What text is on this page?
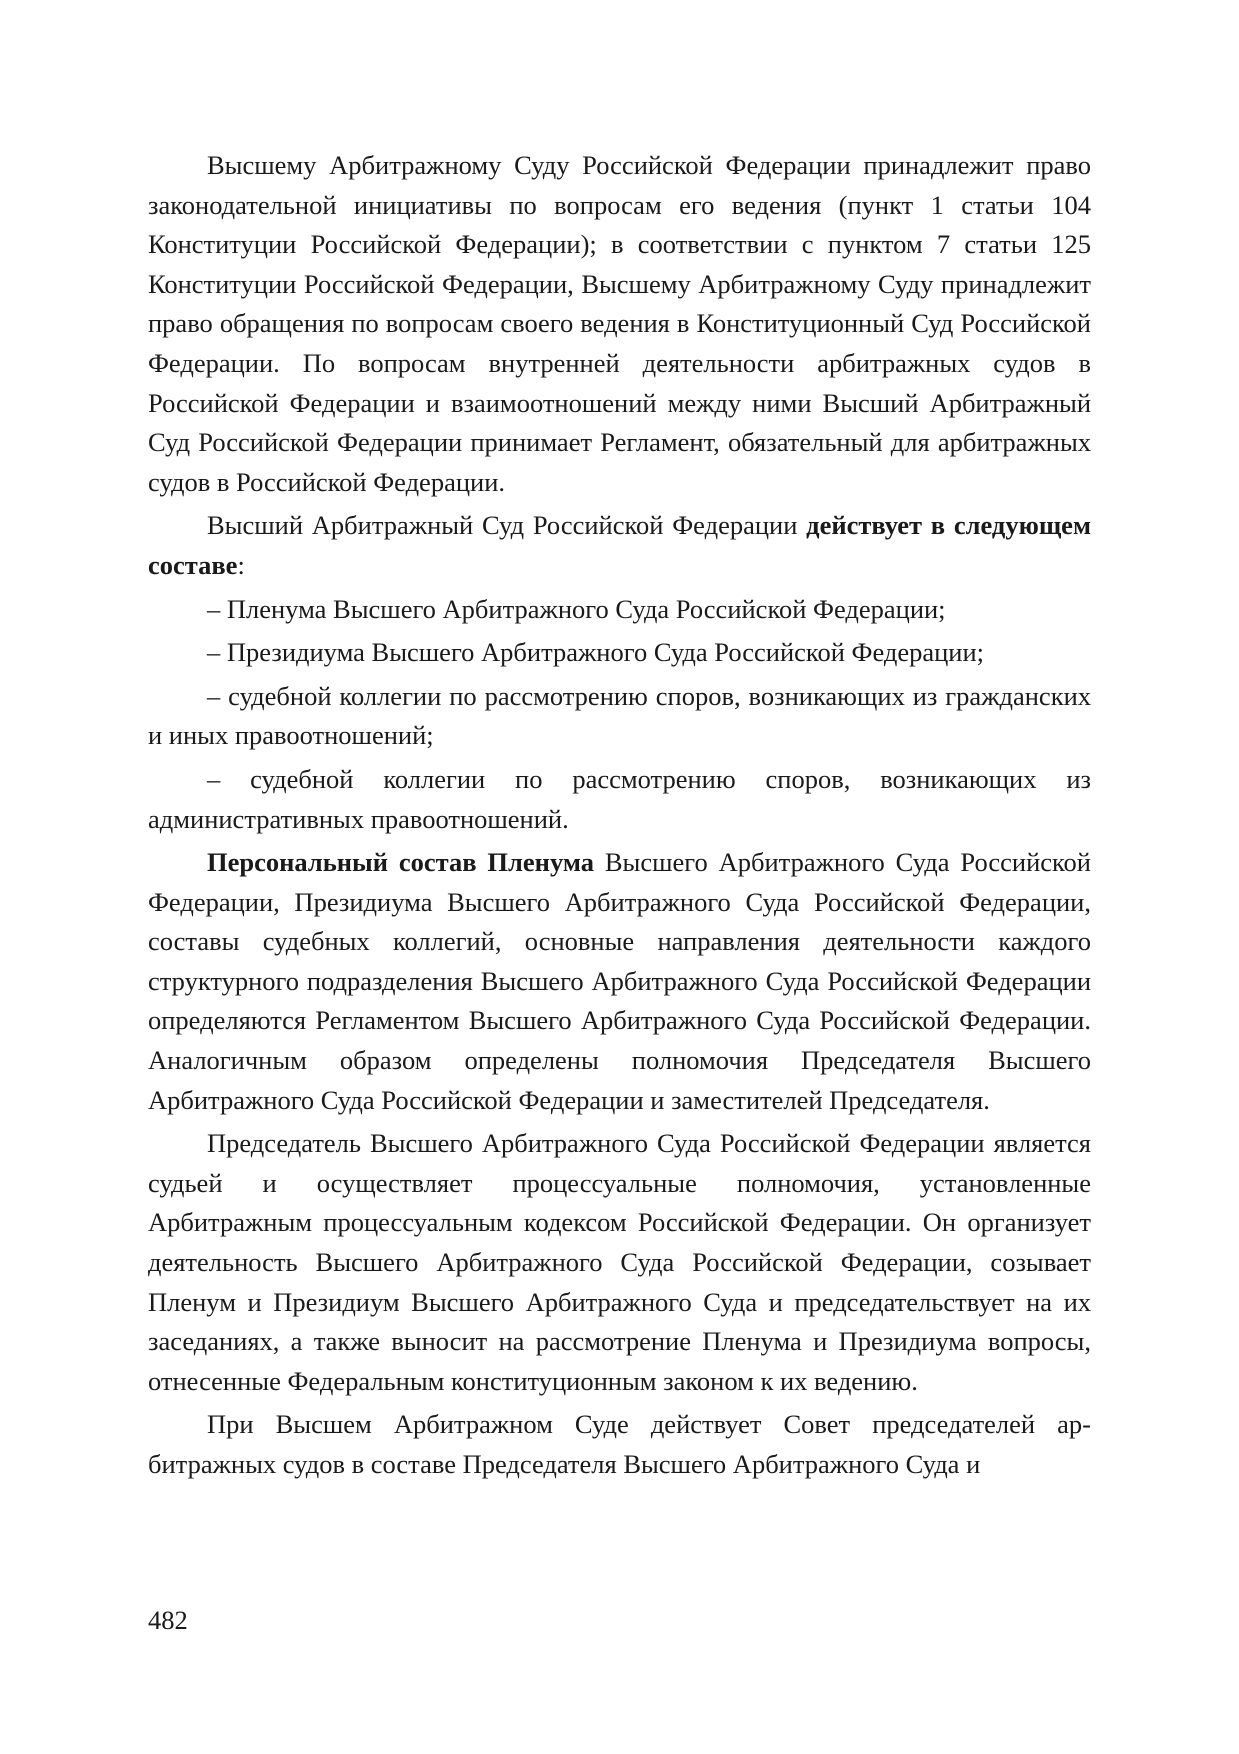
Высшему Арбитражному Суду Российской Федерации принадлежит право законодательной инициативы по вопросам его ведения (пункт 1 статьи 104 Конституции Российской Федерации); в соответствии с пунктом 7 статьи 125 Конституции Российской Федерации, Высшему Арбитражному Суду принадлежит право обращения по вопросам своего ведения в Конституционный Суд Российской Федерации. По вопросам внутренней деятельности арбитражных судов в Российской Федерации и взаимоотношений между ними Высший Арбитражный Суд Российской Федерации принимает Регламент, обязательный для арбитражных судов в Российской Федерации.

Высший Арбитражный Суд Российской Федерации действует в следующем составе:

– Пленума Высшего Арбитражного Суда Российской Федерации;

– Президиума Высшего Арбитражного Суда Российской Федерации;

– судебной коллегии по рассмотрению споров, возникающих из гражданских и иных правоотношений;

– судебной коллегии по рассмотрению споров, возникающих из административных правоотношений.

Персональный состав Пленума Высшего Арбитражного Суда Российской Федерации, Президиума Высшего Арбитражного Суда Российской Федерации, составы судебных коллегий, основные направления деятельности каждого структурного подразделения Высшего Арбитражного Суда Российской Федерации определяются Регламентом Высшего Арбитражного Суда Российской Федерации. Аналогичным образом определены полномочия Председателя Высшего Арбитражного Суда Российской Федерации и заместителей Председателя.

Председатель Высшего Арбитражного Суда Российской Федерации является судьей и осуществляет процессуальные полномочия, установленные Арбитражным процессуальным кодексом Российской Федерации. Он организует деятельность Высшего Арбитражного Суда Российской Федерации, созывает Пленум и Президиум Высшего Арбитражного Суда и председательствует на их заседаниях, а также выносит на рассмотрение Пленума и Президиума вопросы, отнесенные Федеральным конституционным законом к их ведению.

При Высшем Арбитражном Суде действует Совет председателей арбитражных судов в составе Председателя Высшего Арбитражного Суда и

482
